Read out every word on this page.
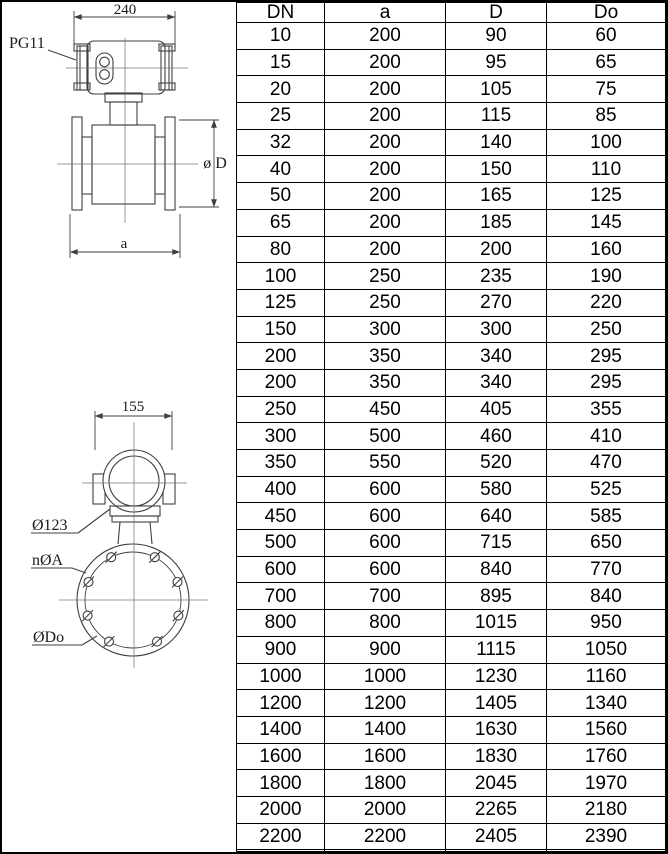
240
PG11
ø D
a
155
Ø123
nØA
ØDo
DN	a	D	Do
10	200	90	60
15	200	95	65
20	200	105	75
25	200	115	85
32	200	140	100
40	200	150	110
50	200	165	125
65	200	185	145
80	200	200	160
100	250	235	190
125	250	270	220
150	300	300	250
200	350	340	295
200	350	340	295
250	450	405	355
300	500	460	410
350	550	520	470
400	600	580	525
450	600	640	585
500	600	715	650
600	600	840	770
700	700	895	840
800	800	1015	950
900	900	1115	1050
1000	1000	1230	1160
1200	1200	1405	1340
1400	1400	1630	1560
1600	1600	1830	1760
1800	1800	2045	1970
2000	2000	2265	2180
2200	2200	2405	2390
